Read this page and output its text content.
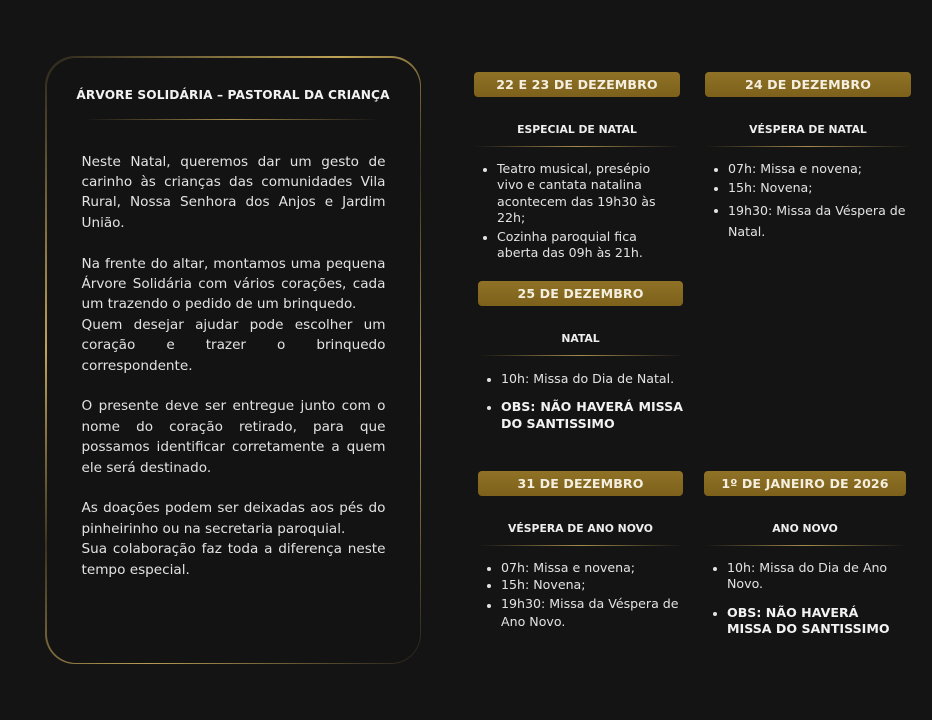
ÁRVORE SOLIDÁRIA – PASTORAL DA CRIANÇA

Neste Natal, queremos dar um gesto de carinho às crianças das comunidades Vila Rural, Nossa Senhora dos Anjos e Jardim União.

Na frente do altar, montamos uma pequena Árvore Solidária com vários corações, cada um trazendo o pedido de um brinquedo.

Quem desejar ajudar pode escolher um coração e trazer o brinquedo correspondente.

O presente deve ser entregue junto com o nome do coração retirado, para que possamos identificar corretamente a quem ele será destinado.

As doações podem ser deixadas aos pés do pinheirinho ou na secretaria paroquial.

Sua colaboração faz toda a diferença neste tempo especial.

22 E 23 DE DEZEMBRO
ESPECIAL DE NATAL
Teatro musical, presépio vivo e cantata natalina acontecem das 19h30 às 22h;
Cozinha paroquial fica aberta das 09h às 21h.
24 DE DEZEMBRO
VÉSPERA DE NATAL
07h: Missa e novena;
15h: Novena;
19h30: Missa da Véspera de Natal.
25 DE DEZEMBRO
NATAL
10h: Missa do Dia de Natal.
OBS: NÃO HAVERÁ MISSA DO SANTISSIMO
31 DE DEZEMBRO
VÉSPERA DE ANO NOVO
07h: Missa e novena;
15h: Novena;
19h30: Missa da Véspera de Ano Novo.
1º DE JANEIRO DE 2026
ANO NOVO
10h: Missa do Dia de Ano Novo.
OBS: NÃO HAVERÁ MISSA DO SANTISSIMO
